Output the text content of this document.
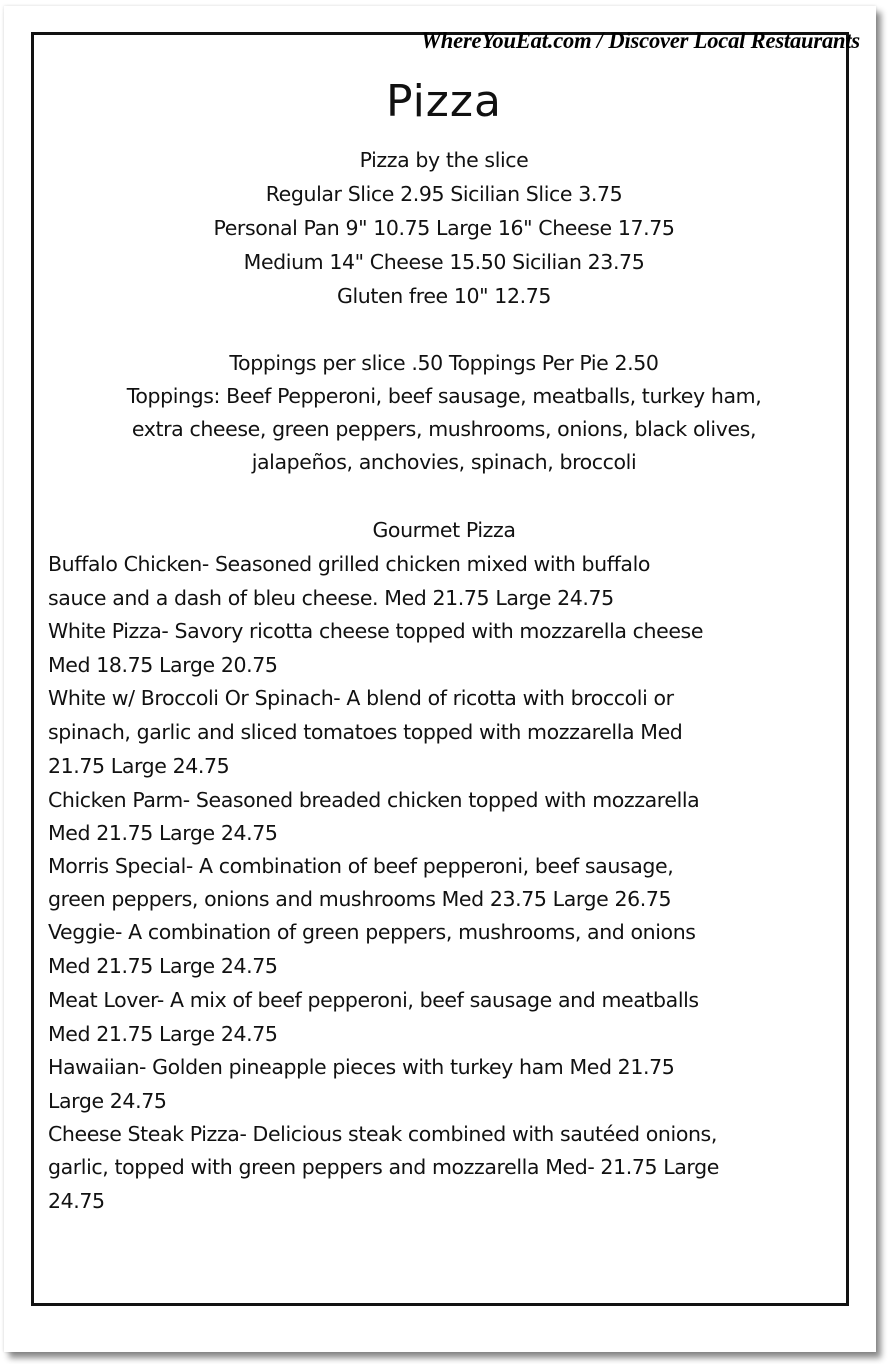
WhereYouEat.com / Discover Local Restaurants
Pizza
Pizza by the slice
Regular Slice 2.95 Sicilian Slice 3.75
Personal Pan 9" 10.75 Large 16" Cheese 17.75
Medium 14" Cheese 15.50 Sicilian 23.75
Gluten free 10" 12.75
Toppings per slice .50 Toppings Per Pie 2.50
Toppings: Beef Pepperoni, beef sausage, meatballs, turkey ham,
extra cheese, green peppers, mushrooms, onions, black olives,
jalapeños, anchovies, spinach, broccoli
Gourmet Pizza
Buffalo Chicken- Seasoned grilled chicken mixed with buffalo
sauce and a dash of bleu cheese. Med 21.75 Large 24.75
White Pizza- Savory ricotta cheese topped with mozzarella cheese
Med 18.75 Large 20.75
White w/ Broccoli Or Spinach- A blend of ricotta with broccoli or
spinach, garlic and sliced tomatoes topped with mozzarella Med
21.75 Large 24.75
Chicken Parm- Seasoned breaded chicken topped with mozzarella
Med 21.75 Large 24.75
Morris Special- A combination of beef pepperoni, beef sausage,
green peppers, onions and mushrooms Med 23.75 Large 26.75
Veggie- A combination of green peppers, mushrooms, and onions
Med 21.75 Large 24.75
Meat Lover- A mix of beef pepperoni, beef sausage and meatballs
Med 21.75 Large 24.75
Hawaiian- Golden pineapple pieces with turkey ham Med 21.75
Large 24.75
Cheese Steak Pizza- Delicious steak combined with sautéed onions,
garlic, topped with green peppers and mozzarella Med- 21.75 Large
24.75
